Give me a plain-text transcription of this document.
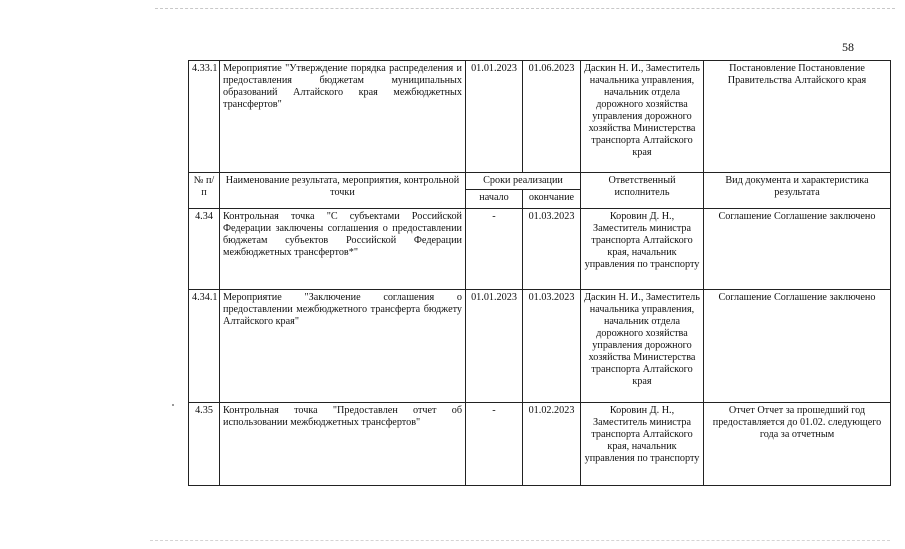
58
4.33.1	Мероприятие "Утверждение порядка распределения и предоставления бюджетам муниципальных образований Алтайского края межбюджетных трансфертов"	01.01.2023	01.06.2023	Даскин Н. И., Заместитель начальника управления, начальник отдела дорожного хозяйства управления дорожного хозяйства Министерства транспорта Алтайского края	Постановление Постановление Правительства Алтайского края
№ п/п	Наименование результата, мероприятия, контрольной точки	Сроки реализации		Ответственный исполнитель	Вид документа и характеристика результата
		начало	окончание		
4.34	Контрольная точка "С субъектами Российской Федерации заключены соглашения о предоставлении бюджетам субъектов Российской Федерации межбюджетных трансфертов*"	-	01.03.2023	Коровин Д. Н., Заместитель министра транспорта Алтайского края, начальник управления по транспорту	Соглашение Соглашение заключено
4.34.1	Мероприятие "Заключение соглашения о предоставлении межбюджетного трансферта бюджету Алтайского края"	01.01.2023	01.03.2023	Даскин Н. И., Заместитель начальника управления, начальник отдела дорожного хозяйства управления дорожного хозяйства Министерства транспорта Алтайского края	Соглашение Соглашение заключено
4.35	Контрольная точка "Предоставлен отчет об использовании межбюджетных трансфертов"	-	01.02.2023	Коровин Д. Н., Заместитель министра транспорта Алтайского края, начальник управления по транспорту	Отчет Отчет за прошедший год предоставляется до 01.02. следующего года за отчетным
